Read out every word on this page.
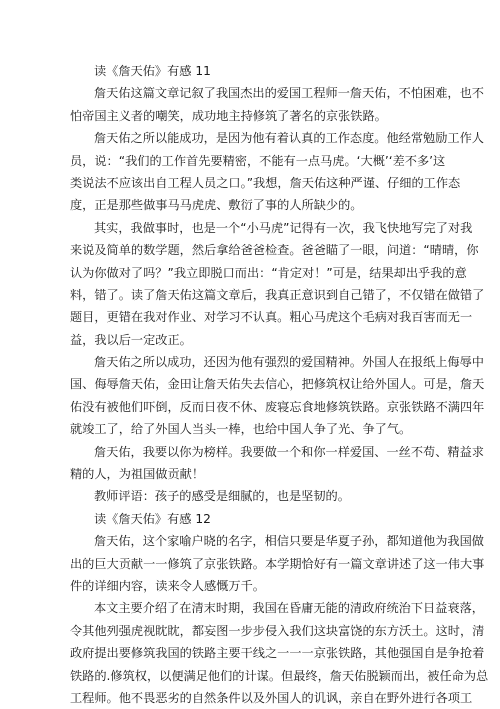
读《詹天佑》有感 11

詹天佑这篇文章记叙了我国杰出的爱国工程师一詹天佑，不怕困难，也不

怕帝国主义者的嘲笑，成功地主持修筑了著名的京张铁路。

詹天佑之所以能成功，是因为他有着认真的工作态度。他经常勉励工作人

员，说：“我们的工作首先要精密，不能有一点马虎。‘大概’‘差不多’这

类说法不应该出自工程人员之口。”我想，詹天佑这种严谨、仔细的工作态

度，正是那些做事马马虎虎、敷衍了事的人所缺少的。

其实，我做事时，也是一个“小马虎”记得有一次，我飞快地写完了对我

来说及简单的数学题，然后拿给爸爸检查。爸爸瞄了一眼，问道：“晴晴，你

认为你做对了吗？”我立即脱口而出：“肯定对！”可是，结果却出乎我的意

料，错了。读了詹天佑这篇文章后，我真正意识到自己错了，不仅错在做错了

题目，更错在我对作业、对学习不认真。粗心马虎这个毛病对我百害而无一

益，我以后一定改正。

詹天佑之所以成功，还因为他有强烈的爱国精神。外国人在报纸上侮辱中

国、侮辱詹天佑，金田让詹天佑失去信心，把修筑权让给外国人。可是，詹天

佑没有被他们吓倒，反而日夜不休、废寝忘食地修筑铁路。京张铁路不满四年

就竣工了，给了外国人当头一棒，也给中国人争了光、争了气。

詹天佑，我要以你为榜样。我要做一个和你一样爱国、一丝不苟、精益求

精的人，为祖国做贡献！

教师评语：孩子的感受是细腻的，也是坚韧的。

读《詹天佑》有感 12

詹天佑，这个家喻户晓的名字，相信只要是华夏子孙，都知道他为我国做

出的巨大贡献一一修筑了京张铁路。本学期恰好有一篇文章讲述了这一伟大事

件的详细内容，读来令人感慨万千。

本文主要介绍了在清末时期，我国在昏庸无能的清政府统治下日益衰落，

令其他列强虎视眈眈，都妄图一步步侵入我们这块富饶的东方沃土。这时，清

政府提出要修筑我国的铁路主要干线之一一一京张铁路，其他强国自是争抢着

铁路的.修筑权，以便满足他们的计谋。但最终，詹天佑脱颖而出，被任命为总

工程师。他不畏恶劣的自然条件以及外国人的讥讽，亲自在野外进行各项工
